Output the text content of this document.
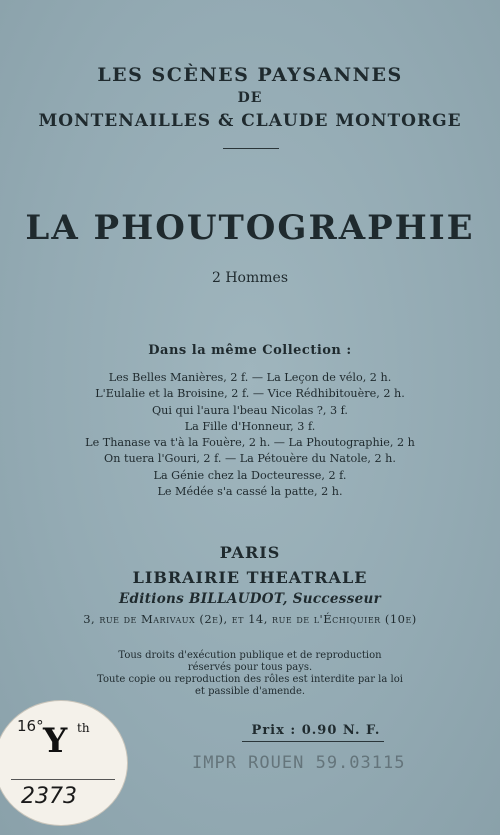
LES SCÈNES PAYSANNES
DE
MONTENAILLES & CLAUDE MONTORGE
LA PHOUTOGRAPHIE
2 Hommes
Dans la même Collection :
Les Belles Manières, 2 f. — La Leçon de vélo, 2 h.
L'Eulalie et la Broisine, 2 f. — Vice Rédhibitouère, 2 h.
Qui qui l'aura l'beau Nicolas ?, 3 f.
La Fille d'Honneur, 3 f.
Le Thanase va t'à la Fouère, 2 h. — La Phoutographie, 2 h
On tuera l'Gouri, 2 f. — La Pétouère du Natole, 2 h.
La Génie chez la Docteuresse, 2 f.
Le Médée s'a cassé la patte, 2 h.
PARIS
LIBRAIRIE THEATRALE
Editions BILLAUDOT, Successeur
3, rue de Marivaux (2e), et 14, rue de l'Échiquier (10e)
Tous droits d'exécution publique et de reproduction
réservés pour tous pays.
Toute copie ou reproduction des rôles est interdite par la loi
et passible d'amende.
Prix : 0.90 N. F.
IMPR ROUEN 59.03115
16° Y th
2373
